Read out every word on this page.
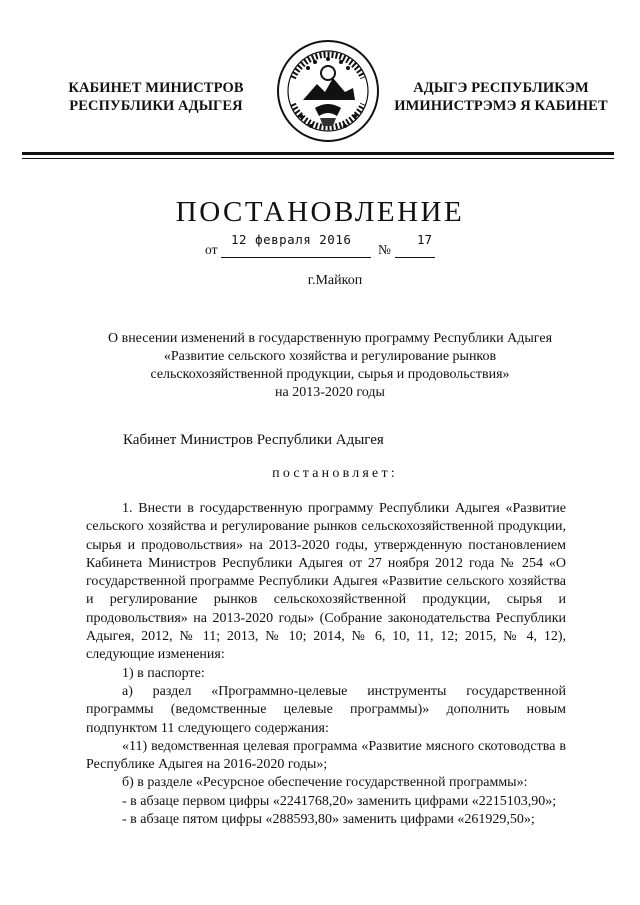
КАБИНЕТ МИНИСТРОВ
РЕСПУБЛИКИ АДЫГЕЯ
АДЫГЭ РЕСПУБЛИКЭМ
ИМИНИСТРЭМЭ Я КАБИНЕТ
ПОСТАНОВЛЕНИЕ
от
12 февраля 2016
№
17
г.Майкоп
О внесении изменений в государственную программу Республики Адыгея
«Развитие сельского хозяйства и регулирование рынков
сельскохозяйственной продукции, сырья и продовольствия»
на 2013-2020 годы
Кабинет Министров Республики Адыгея
постановляет:

1. Внести в государственную программу Республики Адыгея «Развитие сельского хозяйства и регулирование рынков сельскохозяйственной продукции, сырья и продовольствия» на 2013-2020 годы, утвержденную постановлением Кабинета Министров Республики Адыгея от 27 ноября 2012 года № 254 «О государственной программе Республики Адыгея «Развитие сельского хозяйства и регулирование рынков сельскохозяйственной продукции, сырья и продовольствия» на 2013-2020 годы» (Собрание законодательства Республики Адыгея, 2012, № 11; 2013, № 10; 2014, № 6, 10, 11, 12; 2015, № 4, 12), следующие изменения:

1) в паспорте:

а) раздел «Программно-целевые инструменты государственной программы (ведомственные целевые программы)» дополнить новым подпунктом 11 следующего содержания:

«11) ведомственная целевая программа «Развитие мясного скотоводства в Республике Адыгея на 2016-2020 годы»;

б) в разделе «Ресурсное обеспечение государственной программы»:

- в абзаце первом цифры «2241768,20» заменить цифрами «2215103,90»;

- в абзаце пятом цифры «288593,80» заменить цифрами «261929,50»;
